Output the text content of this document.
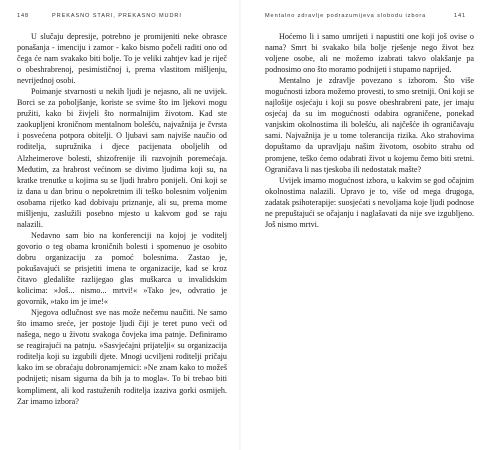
148	PREKASNO STARI, PREKASNO MUDRI

U slučaju depresije, potrebno je promijeniti neke obrasce ponašanja - imenciju i zamor - kako bismo počeli raditi ono od čega će nam svakako biti bolje. To je veliki zahtjev kad je riječ o obeshrabrenoj, pesimističnoj i, prema vlastitom mišljenju, nevrijednoj osobi.

Poimanje stvarnosti u nekih ljudi je nejasno, ali ne uvijek. Borci se za poboljšanje, koriste se svime što im ljekovi mogu pružiti, kako bi živjeli što normalnijim životom. Kad ste zaokupljeni kroničnom mentalnom bolešću, najvažnija je čvrsta i posvećena potpora obitelji. O ljubavi sam najviše naučio od roditelja, supružnika i djece pacijenata oboljelih od Alzheimerove bolesti, shizofrenije ili razvojnih poremećaja. Međutim, za hrabrost većinom se divimo ljudima koji su, na kratke trenutke u kojima su se ljudi hrabro ponijeli. Oni koji se iz dana u dan brinu o nepokretnim ili teško bolesnim voljenim osobama rijetko kad dobivaju priznanje, ali su, prema mome mišljenju, zaslužili posebno mjesto u kakvom god se raju nalazili.

Nedavno sam bio na konferenciji na kojoj je voditelj govorio o teg obama kroničnih bolesti i spomenuo je osobito dobru organizaciju za pomoć bolesnima. Zastao je, pokušavajući se prisjetiti imena te organizacije, kad se kroz čitavo gledalište razlijegao glas muškarca u invalidskim kolicima: »Još... nismo... mrtvi!« »Tako je«, odvratio je govornik, »tako im je ime!«

Njegova odlučnost sve nas može nečemu naučiti. Ne samo što imamo sreće, jer postoje ljudi čiji je teret puno veći od našega, nego u životu svakoga čovjeka ima patnje. Definiramo se reagirajući na patnju. »Sasvjećajni prijatelji« su organizacija roditelja koji su izgubili djete. Mnogi ucviljeni roditelji pričaju kako im se obraćaju dobronamjernici: »Ne znam kako to možeš podnijeti; nisam sigurna da bih ja to mogla«. To bi trebao biti kompliment, ali kod rastuženih roditelja izaziva gorki osmijeh. Zar imamo izbora?

Mentalno zdravlje podrazumijeva slobodu izbora	141

Hoćemo li i samo umrijeti i napustiti one koji još ovise o nama? Smrt bi svakako bila bolje rješenje nego život bez voljene osobe, ali ne možemo izabrati takvo olakšanje pa podnosimo ono što moramo podnijeti i stupamo naprijed.

Mentalno je zdravlje povezano s izborom. Što više mogućnosti izbora možemo provesti, to smo sretniji. Oni koji se najlošije osjećaju i koji su posve obeshrabreni pate, jer imaju osjećaj da su im mogućnosti odabira ograničene, ponekad vanjskim okolnostima ili bolešću, ali najčešće ih ograničavaju sami. Najvažnija je u tome tolerancija rizika. Ako strahovima dopuštamo da upravljaju našim životom, osobito strahu od promjene, teško ćemo odabrati život u kojemu čemo biti sretni. Ograničava li nas tjeskoba ili nedostatak mašte?

Uvijek imamo mogućnost izbora, u kakvim se god očajnim okolnostima nalazili. Upravo je to, više od mega drugoga, zadatak psihoterapije: suosjećati s nevoljama koje ljudi podnose ne prepuštajući se očajanju i naglašavati da nije sve izgubljeno. Još nismo mrtvi.
